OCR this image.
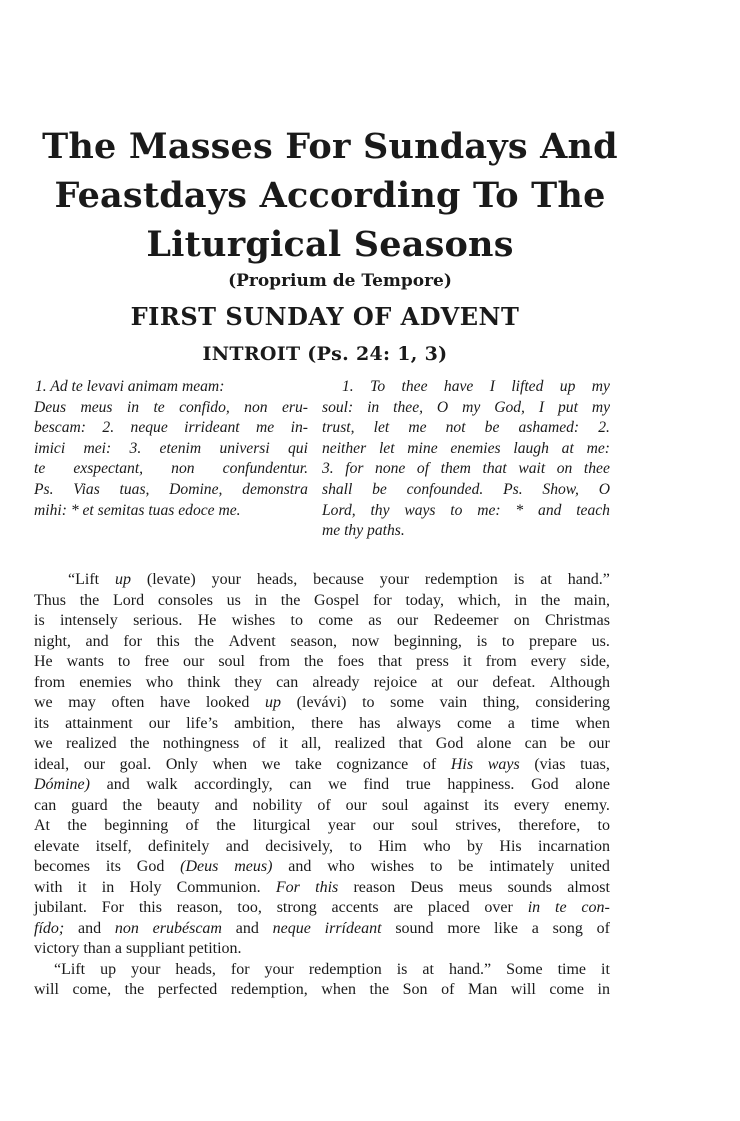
The Masses For Sundays And
Feastdays According To The
Liturgical Seasons
(Proprium de Tempore)
FIRST SUNDAY OF ADVENT
INTROIT (Ps. 24: 1, 3)
1. Ad te levavi animam meam:
Deus meus in te confido, non eru-
bescam: 2. neque irrideant me in-
imici mei: 3. etenim universi qui
te exspectant, non confundentur.
Ps. Vias tuas, Domine, demonstra
mihi: * et semitas tuas edoce me.
1. To thee have I lifted up my
soul: in thee, O my God, I put my
trust, let me not be ashamed: 2.
neither let mine enemies laugh at me:
3. for none of them that wait on thee
shall be confounded. Ps. Show, O
Lord, thy ways to me: * and teach
me thy paths.
“Lift up (levate) your heads, because your redemption is at hand.”
Thus the Lord consoles us in the Gospel for today, which, in the main,
is intensely serious. He wishes to come as our Redeemer on Christmas
night, and for this the Advent season, now beginning, is to prepare us.
He wants to free our soul from the foes that press it from every side,
from enemies who think they can already rejoice at our defeat. Although
we may often have looked up (levávi) to some vain thing, considering
its attainment our life’s ambition, there has always come a time when
we realized the nothingness of it all, realized that God alone can be our
ideal, our goal. Only when we take cognizance of His ways (vias tuas,
Dómine) and walk accordingly, can we find true happiness. God alone
can guard the beauty and nobility of our soul against its every enemy.
At the beginning of the liturgical year our soul strives, therefore, to
elevate itself, definitely and decisively, to Him who by His incarnation
becomes its God (Deus meus) and who wishes to be intimately united
with it in Holy Communion. For this reason Deus meus sounds almost
jubilant. For this reason, too, strong accents are placed over in te con-
fído; and non erubéscam and neque irrídeant sound more like a song of
victory than a suppliant petition.
“Lift up your heads, for your redemption is at hand.” Some time it
will come, the perfected redemption, when the Son of Man will come in
